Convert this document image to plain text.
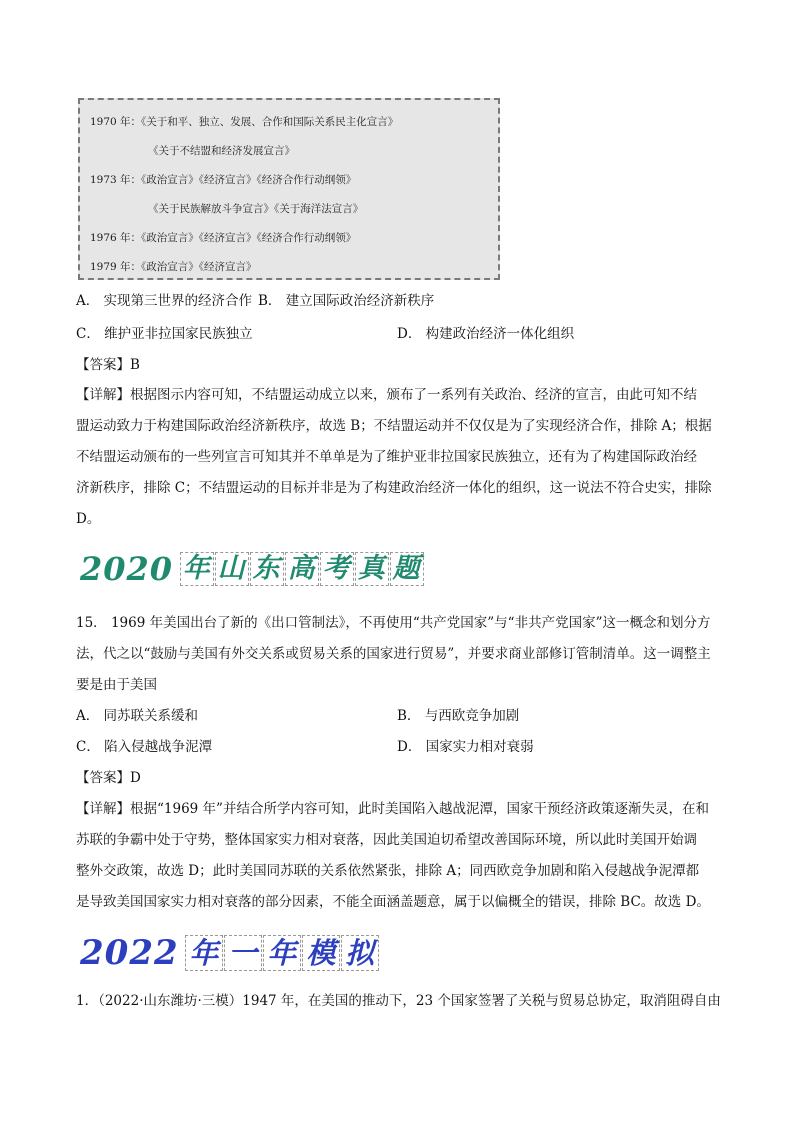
1970 年：《关于和平、独立、发展、合作和国际关系民主化宣言》
《关于不结盟和经济发展宣言》
1973 年：《政治宣言》《经济宣言》《经济合作行动纲领》
《关于民族解放斗争宣言》《关于海洋法宣言》
1976 年：《政治宣言》《经济宣言》《经济合作行动纲领》
1979 年：《政治宣言》《经济宣言》
A． 实现第三世界的经济合作 B． 建立国际政治经济新秩序
C． 维护亚非拉国家民族独立	D． 构建政治经济一体化组织
【答案】B

【详解】根据图示内容可知，不结盟运动成立以来，颁布了一系列有关政治、经济的宣言，由此可知不结

盟运动致力于构建国际政治经济新秩序，故选 B；不结盟运动并不仅仅是为了实现经济合作，排除 A；根据

不结盟运动颁布的一些列宣言可知其并不单单是为了维护亚非拉国家民族独立，还有为了构建国际政治经

济新秩序，排除 C；不结盟运动的目标并非是为了构建政治经济一体化的组织，这一说法不符合史实，排除

D。

2020 年 山 东 高 考 真 题

15． 1969 年美国出台了新的《出口管制法》，不再使用“共产党国家”与“非共产党国家”这一概念和划分方

法，代之以“鼓励与美国有外交关系或贸易关系的国家进行贸易”，并要求商业部修订管制清单。这一调整主

要是由于美国

A． 同苏联关系缓和	B． 与西欧竞争加剧
C． 陷入侵越战争泥潭	D． 国家实力相对衰弱
【答案】D

【详解】根据“1969 年”并结合所学内容可知，此时美国陷入越战泥潭，国家干预经济政策逐渐失灵，在和

苏联的争霸中处于守势，整体国家实力相对衰落，因此美国迫切希望改善国际环境，所以此时美国开始调

整外交政策，故选 D；此时美国同苏联的关系依然紧张，排除 A；同西欧竞争加剧和陷入侵越战争泥潭都

是导致美国国家实力相对衰落的部分因素，不能全面涵盖题意，属于以偏概全的错误，排除 BC。故选 D。

2022 年 一 年 模 拟
1．（2022·山东潍坊·三模）1947 年，在美国的推动下，23 个国家签署了关税与贸易总协定，取消阻碍自由
